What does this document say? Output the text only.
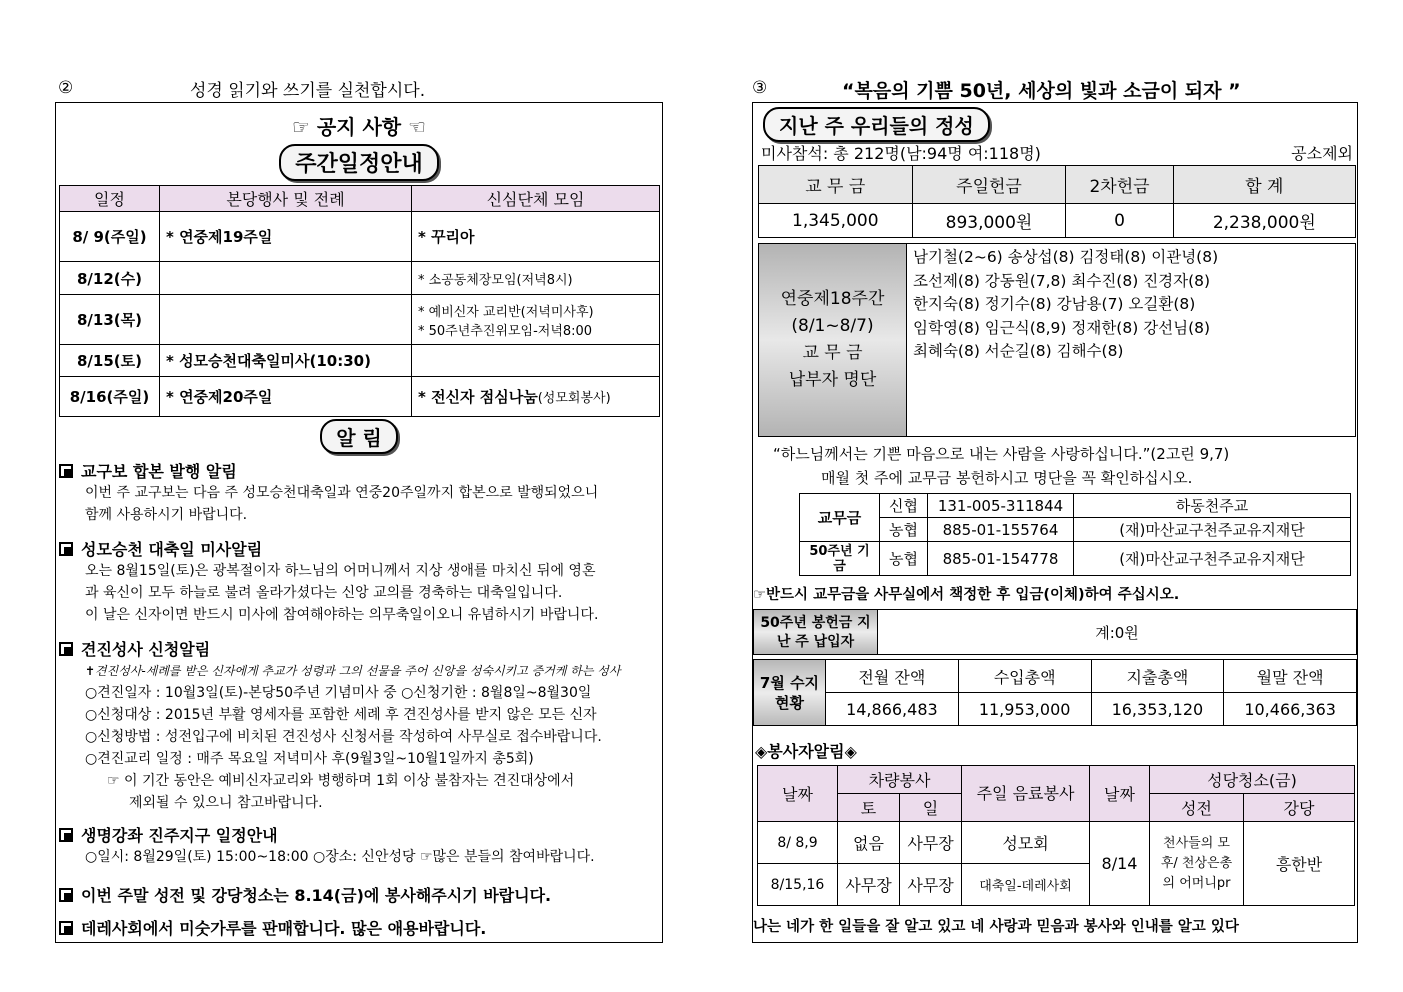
②	성경 읽기와 쓰기를 실천합시다.
☞ 공지 사항 ☜
주간일정안내
일정	본당행사 및 전례	신심단체 모임
8/ 9(주일)	* 연중제19주일	* 꾸리아
8/12(수)		* 소공동체장모임(저녁8시)
8/13(목)		* 예비신자 교리반(저녁미사후)
* 50주년추진위모임-저녁8:00

8/15(토)	* 성모승천대축일미사(10:30)	
8/16(주일)	* 연중제20주일	* 전신자 점심나눔(성모회봉사)
알 림
교구보 합본 발행 알림
이번 주 교구보는 다음 주 성모승천대축일과 연중20주일까지 합본으로 발행되었으니
함께 사용하시기 바랍니다.
성모승천 대축일 미사알림
오는 8월15일(토)은 광복절이자 하느님의 어머니께서 지상 생애를 마치신 뒤에 영혼
과 육신이 모두 하늘로 불려 올라가셨다는 신앙 교의를 경축하는 대축일입니다.
이 날은 신자이면 반드시 미사에 참여해야하는 의무축일이오니 유념하시기 바랍니다.
견진성사 신청알림
✝견진성사-세례를 받은 신자에게 추교가 성령과 그의 선물을 주어 신앙을 성숙시키고 증거케 하는 성사
○견진일자 : 10월3일(토)-본당50주년 기념미사 중 ○신청기한 : 8월8일~8월30일
○신청대상 : 2015년 부활 영세자를 포함한 세례 후 견진성사를 받지 않은 모든 신자
○신청방법 : 성전입구에 비치된 견진성사 신청서를 작성하여 사무실로 접수바랍니다.
○견진교리 일정 : 매주 목요일 저녁미사 후(9월3일~10월1일까지 총5회)
☞ 이 기간 동안은 예비신자교리와 병행하며 1회 이상 불참자는 견진대상에서
제외될 수 있으니 참고바랍니다.
생명강좌 진주지구 일정안내
○일시: 8월29일(토) 15:00~18:00 ○장소: 신안성당 ☞많은 분들의 참여바랍니다.
이번 주말 성전 및 강당청소는 8.14(금)에 봉사해주시기 바랍니다.
데레사회에서 미숫가루를 판매합니다. 많은 애용바랍니다.
③	“복음의 기쁨 50년, 세상의 빛과 소금이 되자 ”
지난 주 우리들의 정성
미사참석: 총 212명(남:94명 여:118명)	공소제외
교 무 금	주일헌금	2차헌금	합 계
1,345,000	893,000원	0	2,238,000원
연중제18주간
(8/1~8/7)
교 무 금
납부자 명단
남기철(2~6) 송상섭(8) 김정태(8) 이관녕(8)
조선제(8) 강동원(7,8) 최수진(8) 진경자(8)
한지숙(8) 정기수(8) 강남용(7) 오길환(8)
임학영(8) 임근식(8,9) 정재한(8) 강선님(8)
최혜숙(8) 서순길(8) 김해수(8)
“하느님께서는 기쁜 마음으로 내는 사람을 사랑하십니다.”(2고린 9,7)
매월 첫 주에 교무금 봉헌하시고 명단을 꼭 확인하십시오.
교무금	신협	131-005-311844	하동천주교
	농협	885-01-155764	(재)마산교구천주교유지재단
50주년 기금	농협	885-01-154778	(재)마산교구천주교유지재단
☞반드시 교무금을 사무실에서 책정한 후 입금(이체)하여 주십시오.
50주년 봉헌금 지난 주 납입자
계:0원
7월 수지현황	전월 잔액	수입총액	지출총액	월말 잔액
	14,866,483	11,953,000	16,353,120	10,466,363
◈봉사자알림◈
날짜	차량봉사		주일 음료봉사	날짜	성당청소(금)	
	토	일			성전	강당
8/ 8,9	없음	사무장	성모회	8/14	천사들의 모후/ 천상은총의 어머니pr	흥한반
8/15,16	사무장	사무장	대축일-데레사회			
나는 네가 한 일들을 잘 알고 있고 네 사랑과 믿음과 봉사와 인내를 알고 있다
